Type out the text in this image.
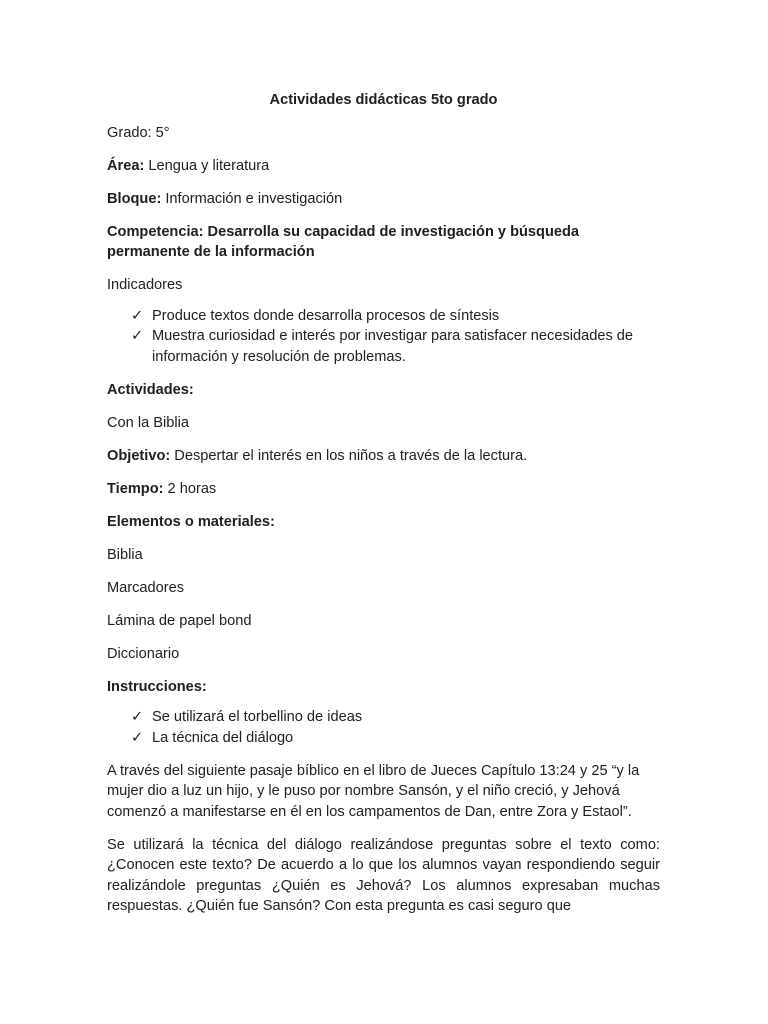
Actividades didácticas 5to grado

Grado: 5°

Área: Lengua y literatura

Bloque: Información e investigación

Competencia: Desarrolla su capacidad de investigación y búsqueda permanente de la información

Indicadores

✓ Produce textos donde desarrolla procesos de síntesis
✓ Muestra curiosidad e interés por investigar para satisfacer necesidades de información y resolución de problemas.

Actividades:

Con la Biblia

Objetivo: Despertar el interés en los niños a través de la lectura.

Tiempo: 2 horas

Elementos o materiales:

Biblia

Marcadores

Lámina de papel bond

Diccionario

Instrucciones:

✓ Se utilizará el torbellino de ideas
✓ La técnica del diálogo

A través del siguiente pasaje bíblico en el libro de Jueces Capítulo 13:24 y 25 “y la mujer dio a luz un hijo, y le puso por nombre Sansón, y el niño creció, y Jehová comenzó a manifestarse en él en los campamentos de Dan, entre Zora y Estaol”.

Se utilizará la técnica del diálogo realizándose preguntas sobre el texto como: ¿Conocen este texto? De acuerdo a lo que los alumnos vayan respondiendo seguir realizándole preguntas ¿Quién es Jehová? Los alumnos expresaban muchas respuestas. ¿Quién fue Sansón? Con esta pregunta es casi seguro que
